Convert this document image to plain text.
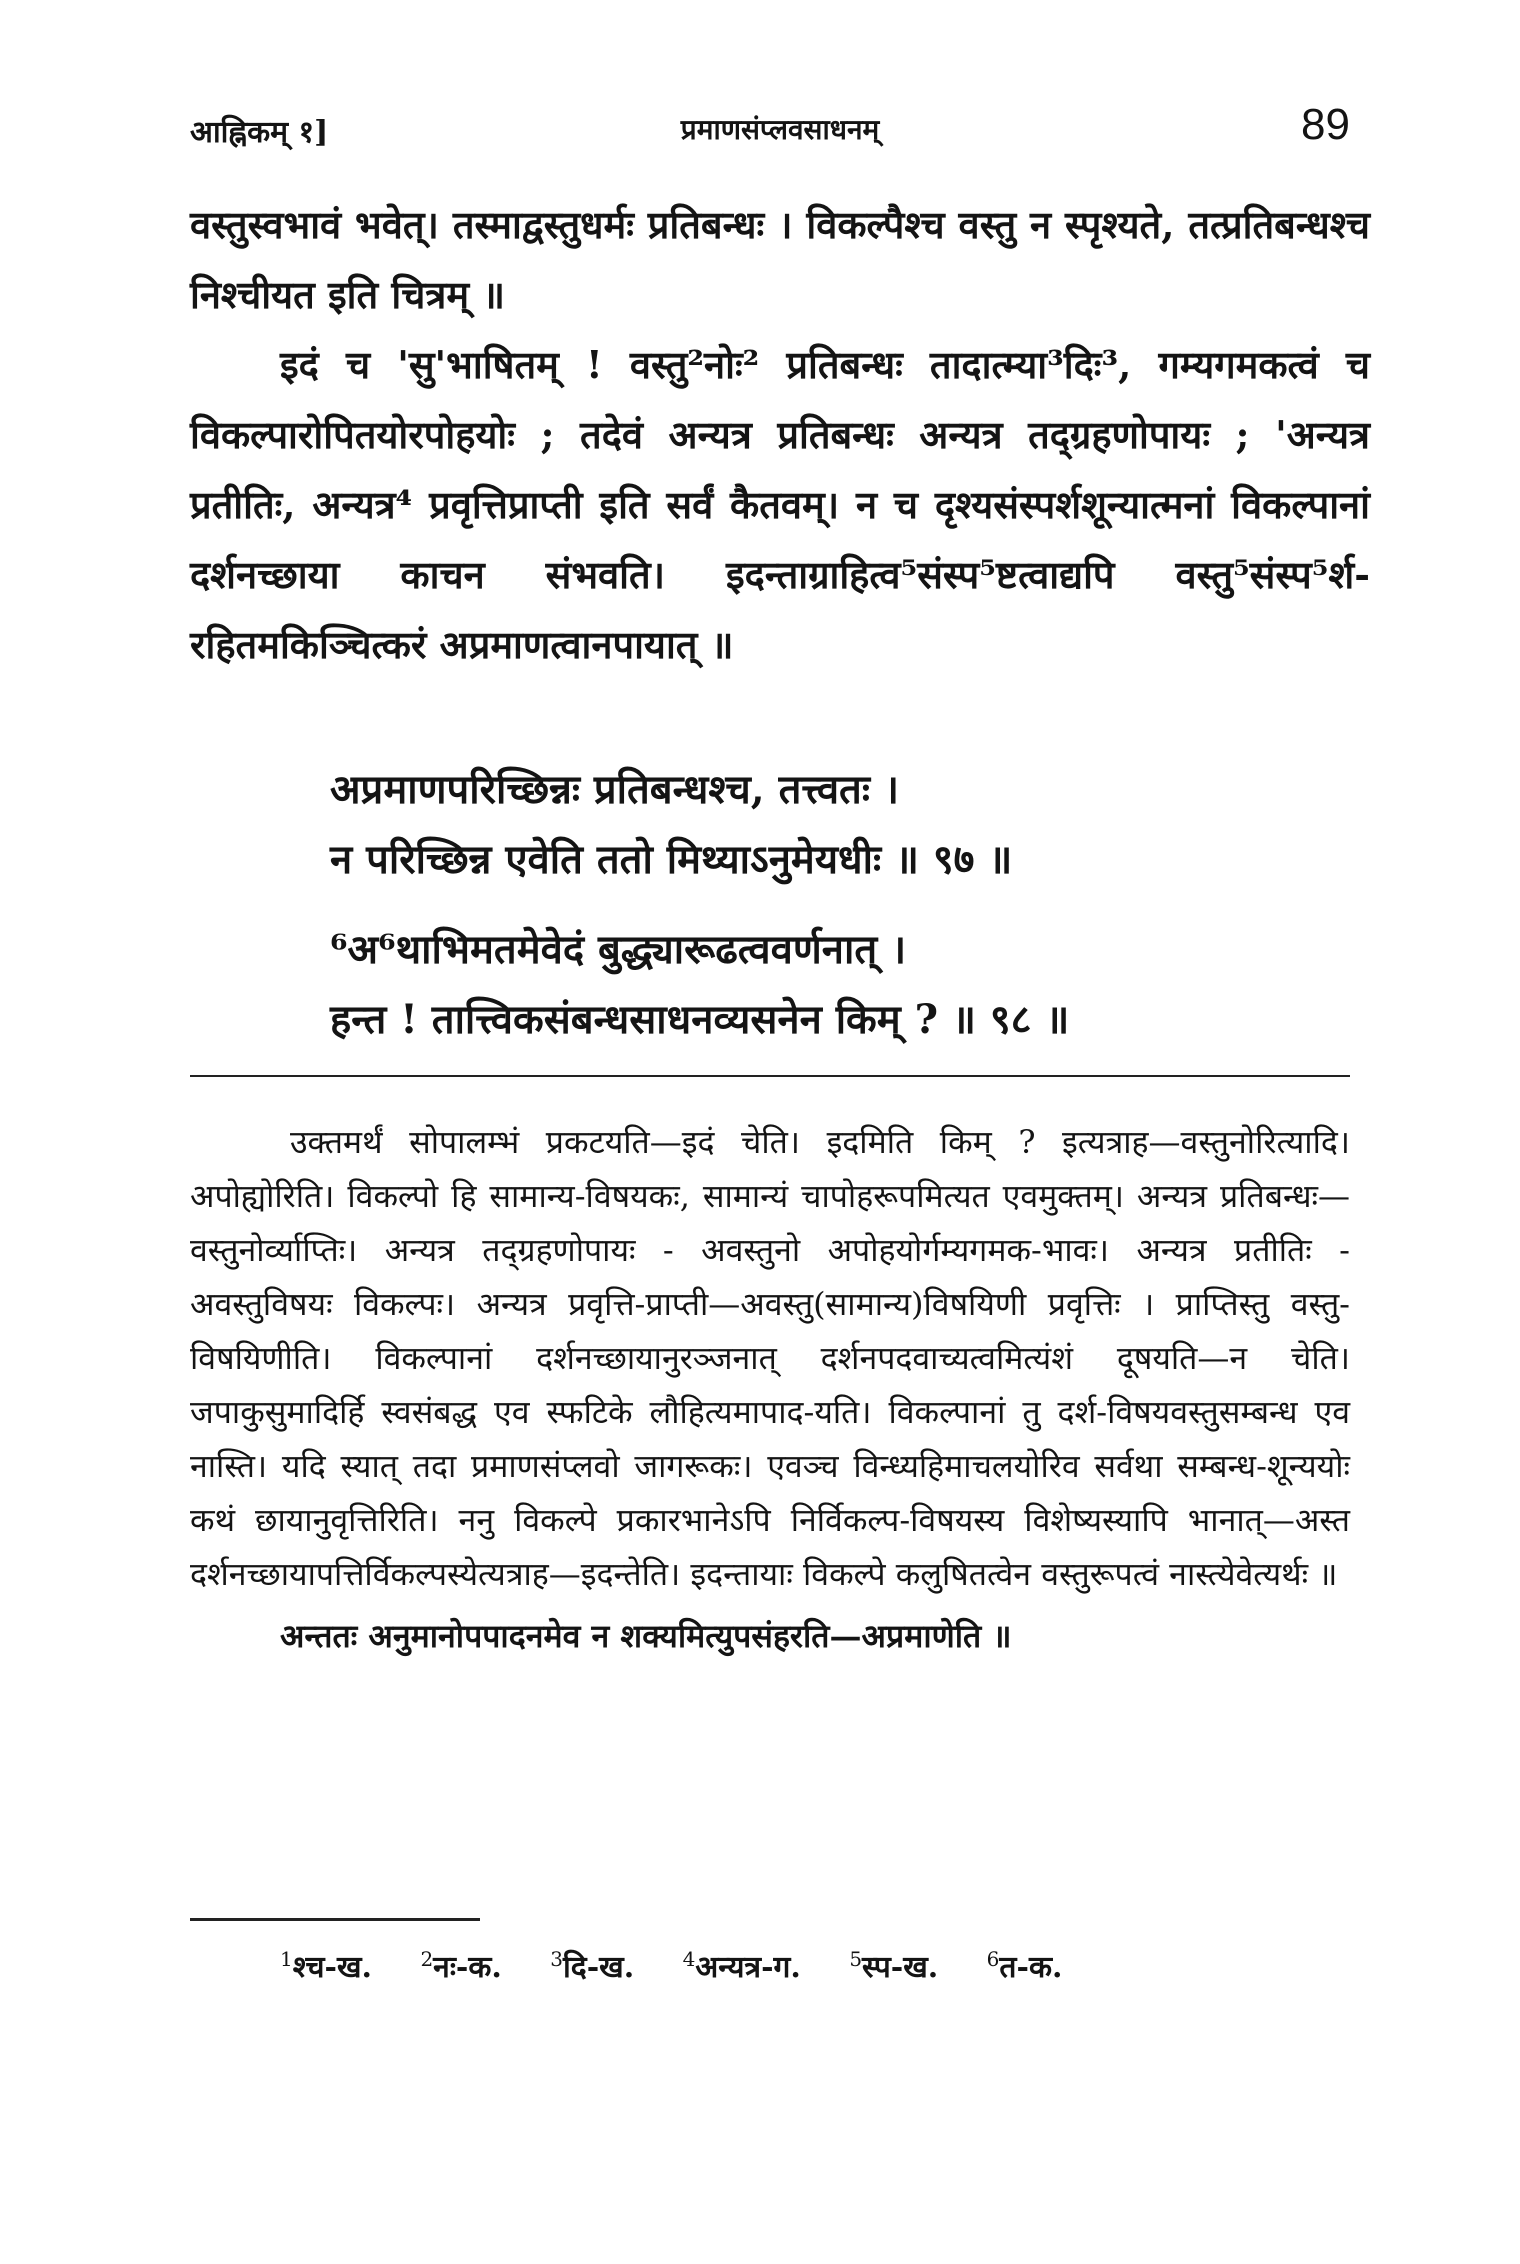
आह्निकम् १]	प्रमाणसंप्लवसाधनम्	89

वस्तुस्वभावं भवेत्। तस्माद्वस्तुधर्मः प्रतिबन्धः । विकल्पैश्च वस्तु न स्पृश्यते, तत्प्रतिबन्धश्च निश्चीयत इति चित्रम् ॥

इदं च 'सु'भाषितम् ! वस्तु²नोः² प्रतिबन्धः तादात्म्या³दिः³, गम्यगमकत्वं च विकल्पारोपितयोरपोहयोः ; तदेवं अन्यत्र प्रतिबन्धः अन्यत्र तद्ग्रहणोपायः ; 'अन्यत्र प्रतीतिः, अन्यत्र⁴ प्रवृत्तिप्राप्ती इति सर्वं कैतवम्। न च दृश्यसंस्पर्शशून्यात्मनां विकल्पानां दर्शनच्छाया काचन संभवति। इदन्ताग्राहित्व⁵संस्प⁵ष्टत्वाद्यपि वस्तु⁵संस्प⁵र्श-रहितमकिञ्चित्करं अप्रमाणत्वानपायात् ॥

अप्रमाणपरिच्छिन्नः प्रतिबन्धश्च, तत्त्वतः ।

न परिच्छिन्न एवेति ततो मिथ्याऽनुमेयधीः ॥ ९७ ॥

⁶अ⁶थाभिमतमेवेदं बुद्ध्यारूढत्ववर्णनात् ।

हन्त ! तात्त्विकसंबन्धसाधनव्यसनेन किम् ? ॥ ९८ ॥

उक्तमर्थं सोपालम्भं प्रकटयति—इदं चेति। इदमिति किम् ? इत्यत्राह—वस्तुनोरित्यादि। अपोह्योरिति। विकल्पो हि सामान्य-विषयकः, सामान्यं चापोहरूपमित्यत एवमुक्तम्। अन्यत्र प्रतिबन्धः—वस्तुनोर्व्याप्तिः। अन्यत्र तद्ग्रहणोपायः - अवस्तुनो अपोहयोर्गम्यगमक-भावः। अन्यत्र प्रतीतिः - अवस्तुविषयः विकल्पः। अन्यत्र प्रवृत्ति-प्राप्ती—अवस्तु(सामान्य)विषयिणी प्रवृत्तिः । प्राप्तिस्तु वस्तु-विषयिणीति। विकल्पानां दर्शनच्छायानुरञ्जनात् दर्शनपदवाच्यत्वमित्यंशं दूषयति—न चेति। जपाकुसुमादिर्हि स्वसंबद्ध एव स्फटिके लौहित्यमापाद-यति। विकल्पानां तु दर्श-विषयवस्तुसम्बन्ध एव नास्ति। यदि स्यात् तदा प्रमाणसंप्लवो जागरूकः। एवञ्च विन्ध्यहिमाचलयोरिव सर्वथा सम्बन्ध-शून्ययोः कथं छायानुवृत्तिरिति। ननु विकल्पे प्रकारभानेऽपि निर्विकल्प-विषयस्य विशेष्यस्यापि भानात्—अस्त दर्शनच्छायापत्तिर्विकल्पस्येत्यत्राह—इदन्तेति। इदन्तायाः विकल्पे कलुषितत्वेन वस्तुरूपत्वं नास्त्येवेत्यर्थः ॥

अन्ततः अनुमानोपपादनमेव न शक्यमित्युपसंहरति—अप्रमाणेति ॥

$^1$श्च-ख. $^2$नः-क. $^3$दि-ख. $^4$अन्यत्र-ग. $^5$स्प-ख. $^6$त-क.
